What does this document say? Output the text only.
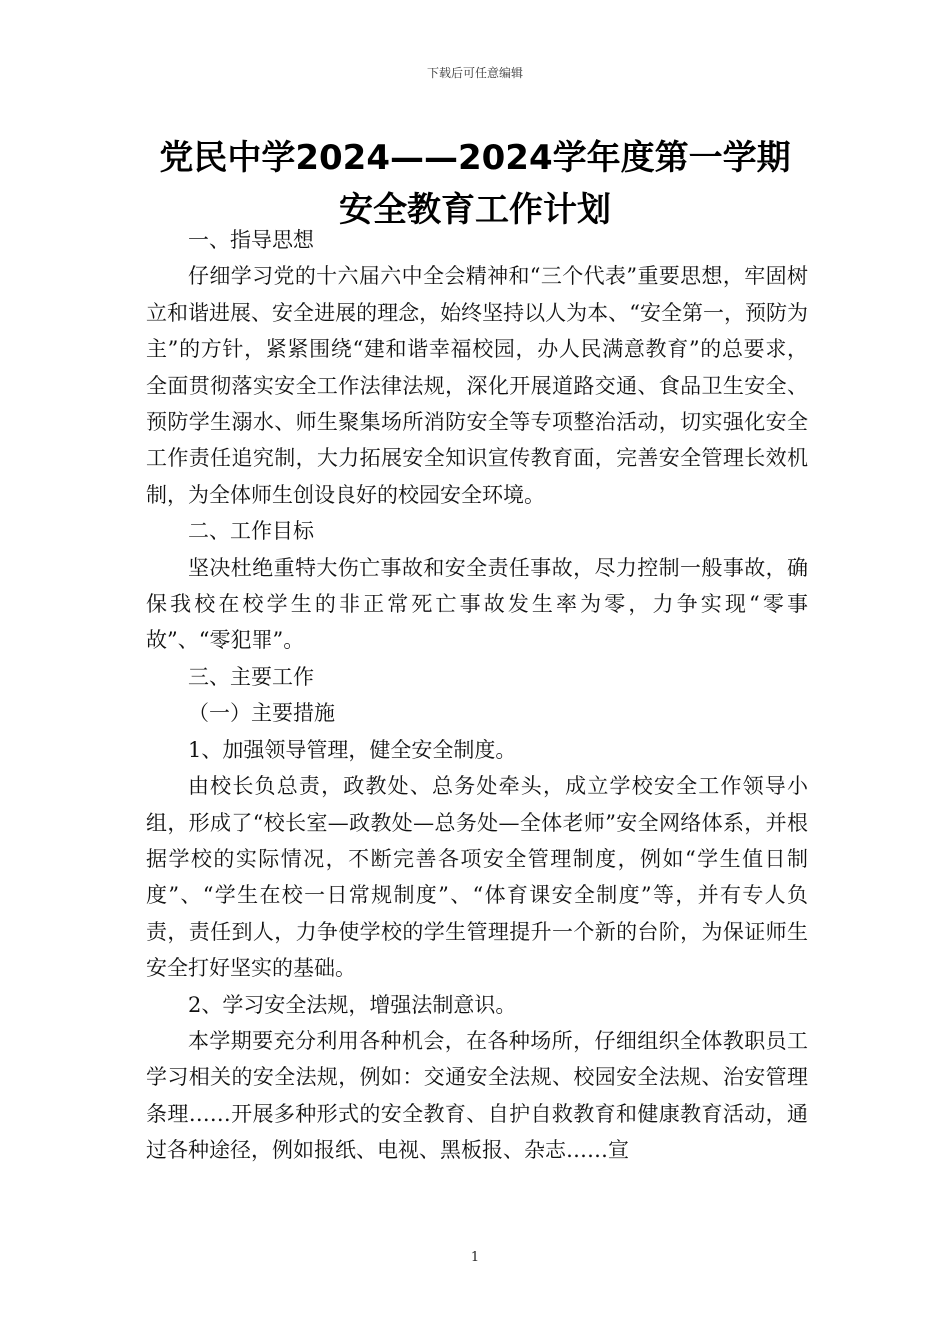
下载后可任意编辑
党民中学2024——2024学年度第一学期
安全教育工作计划

一、指导思想

仔细学习党的十六届六中全会精神和“三个代表”重要思想，牢固树立和谐进展、安全进展的理念，始终坚持以人为本、“安全第一，预防为主”的方针，紧紧围绕“建和谐幸福校园，办人民满意教育”的总要求，全面贯彻落实安全工作法律法规，深化开展道路交通、食品卫生安全、预防学生溺水、师生聚集场所消防安全等专项整治活动，切实强化安全工作责任追究制，大力拓展安全知识宣传教育面，完善安全管理长效机制，为全体师生创设良好的校园安全环境。

二、工作目标

坚决杜绝重特大伤亡事故和安全责任事故，尽力控制一般事故，确保我校在校学生的非正常死亡事故发生率为零，力争实现“零事故”、“零犯罪”。

三、主要工作

（一）主要措施

1、加强领导管理，健全安全制度。

由校长负总责，政教处、总务处牵头，成立学校安全工作领导小组，形成了“校长室—政教处—总务处—全体老师”安全网络体系，并根据学校的实际情况，不断完善各项安全管理制度，例如“学生值日制度”、“学生在校一日常规制度”、“体育课安全制度”等，并有专人负责，责任到人，力争使学校的学生管理提升一个新的台阶，为保证师生安全打好坚实的基础。

2、学习安全法规，增强法制意识。

本学期要充分利用各种机会，在各种场所，仔细组织全体教职员工学习相关的安全法规，例如：交通安全法规、校园安全法规、治安管理条理……开展多种形式的安全教育、自护自救教育和健康教育活动，通过各种途径，例如报纸、电视、黑板报、杂志……宣

1
